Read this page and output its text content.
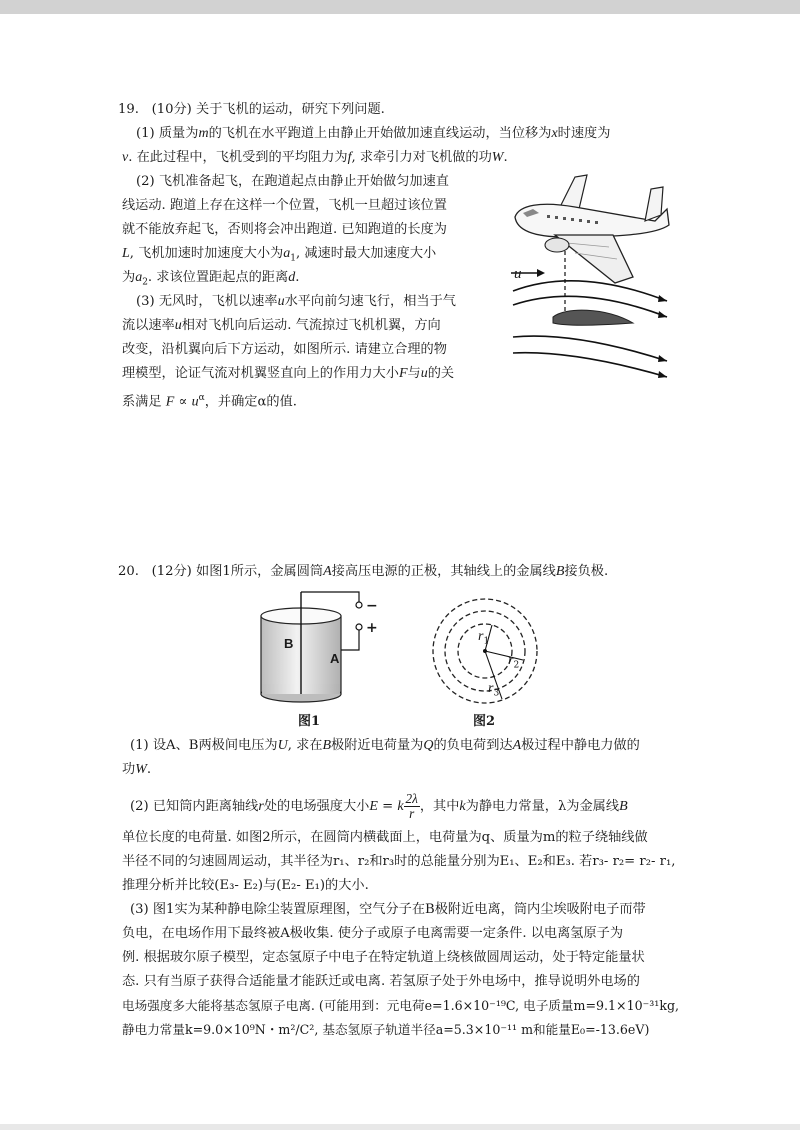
19. (10分) 关于飞机的运动，研究下列问题.
(1) 质量为m的飞机在水平跑道上由静止开始做加速直线运动，当位移为x时速度为
v. 在此过程中，飞机受到的平均阻力为f, 求牵引力对飞机做的功W.
(2) 飞机准备起飞，在跑道起点由静止开始做匀加速直
线运动. 跑道上存在这样一个位置，飞机一旦超过该位置
就不能放弃起飞，否则将会冲出跑道. 已知跑道的长度为
L, 飞机加速时加速度大小为$a_1$, 减速时最大加速度大小
为$a_2$. 求该位置距起点的距离d.
(3) 无风时，飞机以速率u水平向前匀速飞行，相当于气
流以速率u相对飞机向后运动. 气流掠过飞机机翼，方向
改变，沿机翼向后下方运动，如图所示. 请建立合理的物
理模型，论证气流对机翼竖直向上的作用力大小F与u的关
系满足 $F \propto u^\alpha$，并确定α的值.
u
20. (12分) 如图1所示，金属圆筒A接高压电源的正极，其轴线上的金属线B接负极.
B
A
−
+
图1
$r_1$
$r_2$
$r_3$
图2
(1) 设A、B两极间电压为U, 求在B极附近电荷量为Q的负电荷到达A极过程中静电力做的
功W.
(2) 已知筒内距离轴线r处的电场强度大小E = k $\frac{2\lambda}{r}$ ，其中k为静电力常量，λ为金属线B
单位长度的电荷量. 如图2所示，在圆筒内横截面上，电荷量为q、质量为m的粒子绕轴线做
半径不同的匀速圆周运动，其半径为r₁、r₂和r₃时的总能量分别为E₁、E₂和E₃. 若r₃- r₂= r₂- r₁,
推理分析并比较(E₃- E₂)与(E₂- E₁)的大小.
(3) 图1实为某种静电除尘装置原理图，空气分子在B极附近电离，筒内尘埃吸附电子而带
负电，在电场作用下最终被A极收集. 使分子或原子电离需要一定条件. 以电离氢原子为
例. 根据玻尔原子模型，定态氢原子中电子在特定轨道上绕核做圆周运动，处于特定能量状
态. 只有当原子获得合适能量才能跃迁或电离. 若氢原子处于外电场中，推导说明外电场的
电场强度多大能将基态氢原子电离. (可能用到：元电荷e=1.6×10⁻¹⁹C, 电子质量m=9.1×10⁻³¹kg,
静电力常量k=9.0×10⁹N・m²/C², 基态氢原子轨道半径a=5.3×10⁻¹¹ m和能量E₀=-13.6eV)
